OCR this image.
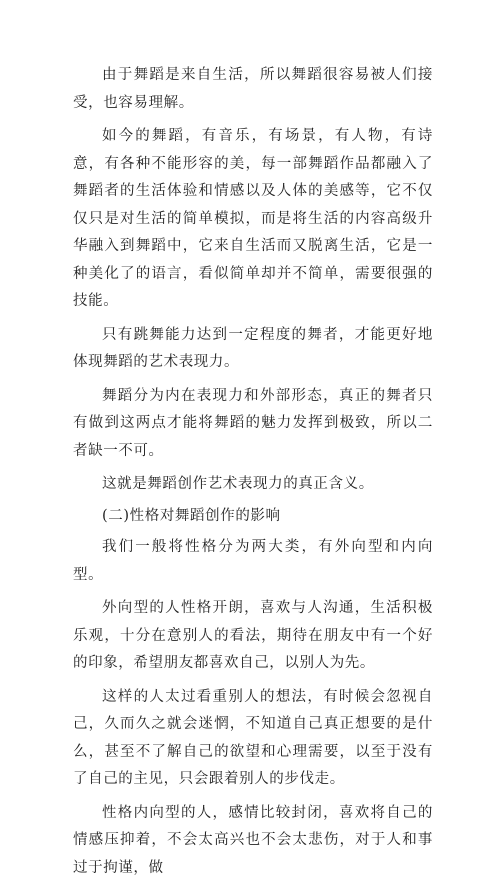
由于舞蹈是来自生活，所以舞蹈很容易被人们接受，也容易理解。

如今的舞蹈，有音乐，有场景，有人物，有诗意，有各种不能形容的美，每一部舞蹈作品都融入了舞蹈者的生活体验和情感以及人体的美感等，它不仅仅只是对生活的简单模拟，而是将生活的内容高级升华融入到舞蹈中，它来自生活而又脱离生活，它是一种美化了的语言，看似简单却并不简单，需要很强的技能。

只有跳舞能力达到一定程度的舞者，才能更好地体现舞蹈的艺术表现力。

舞蹈分为内在表现力和外部形态，真正的舞者只有做到这两点才能将舞蹈的魅力发挥到极致，所以二者缺一不可。

这就是舞蹈创作艺术表现力的真正含义。

(二)性格对舞蹈创作的影响

我们一般将性格分为两大类，有外向型和内向型。

外向型的人性格开朗，喜欢与人沟通，生活积极乐观，十分在意别人的看法，期待在朋友中有一个好的印象，希望朋友都喜欢自己，以别人为先。

这样的人太过看重别人的想法，有时候会忽视自己，久而久之就会迷惘，不知道自己真正想要的是什么，甚至不了解自己的欲望和心理需要，以至于没有了自己的主见，只会跟着别人的步伐走。

性格内向型的人，感情比较封闭，喜欢将自己的情感压抑着，不会太高兴也不会太悲伤，对于人和事过于拘谨，做
